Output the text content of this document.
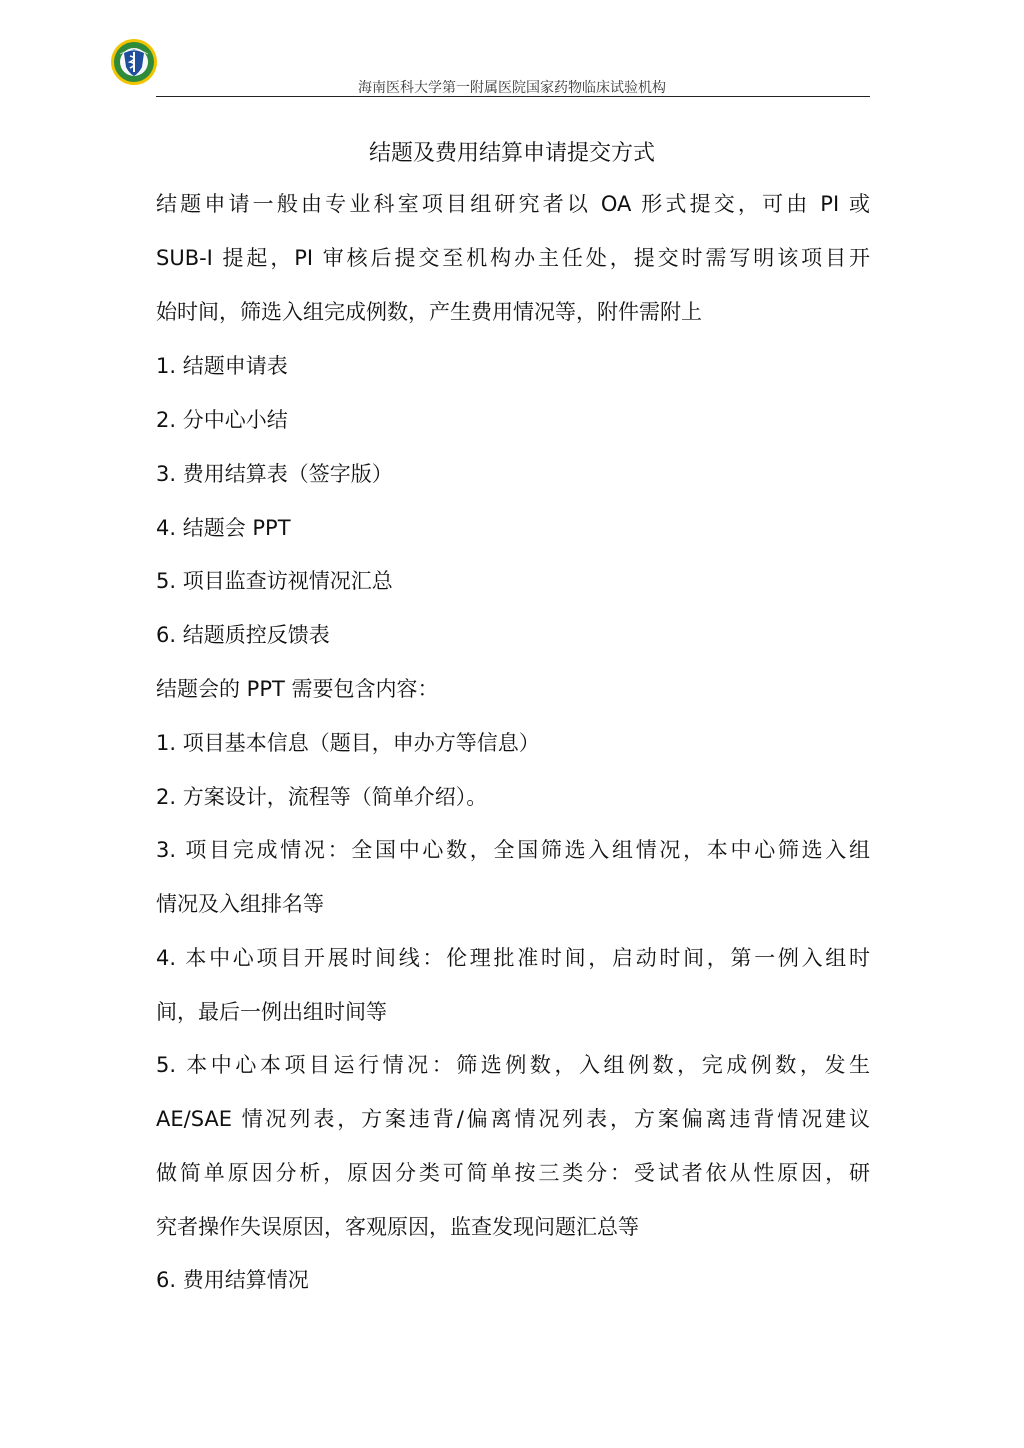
海南医科大学第一附属医院国家药物临床试验机构
结题及费用结算申请提交方式
结题申请一般由专业科室项目组研究者以 OA 形式提交，可由 PI 或
SUB-I 提起，PI 审核后提交至机构办主任处，提交时需写明该项目开
始时间，筛选入组完成例数，产生费用情况等，附件需附上
1. 结题申请表
2. 分中心小结
3. 费用结算表（签字版）
4. 结题会 PPT
5. 项目监查访视情况汇总
6. 结题质控反馈表
结题会的 PPT 需要包含内容：
1. 项目基本信息（题目，申办方等信息）
2. 方案设计，流程等（简单介绍）。
3. 项目完成情况：全国中心数，全国筛选入组情况，本中心筛选入组
情况及入组排名等
4. 本中心项目开展时间线：伦理批准时间，启动时间，第一例入组时
间，最后一例出组时间等
5. 本中心本项目运行情况：筛选例数，入组例数，完成例数，发生
AE/SAE 情况列表，方案违背/偏离情况列表，方案偏离违背情况建议
做简单原因分析，原因分类可简单按三类分：受试者依从性原因，研
究者操作失误原因，客观原因，监查发现问题汇总等
6. 费用结算情况
